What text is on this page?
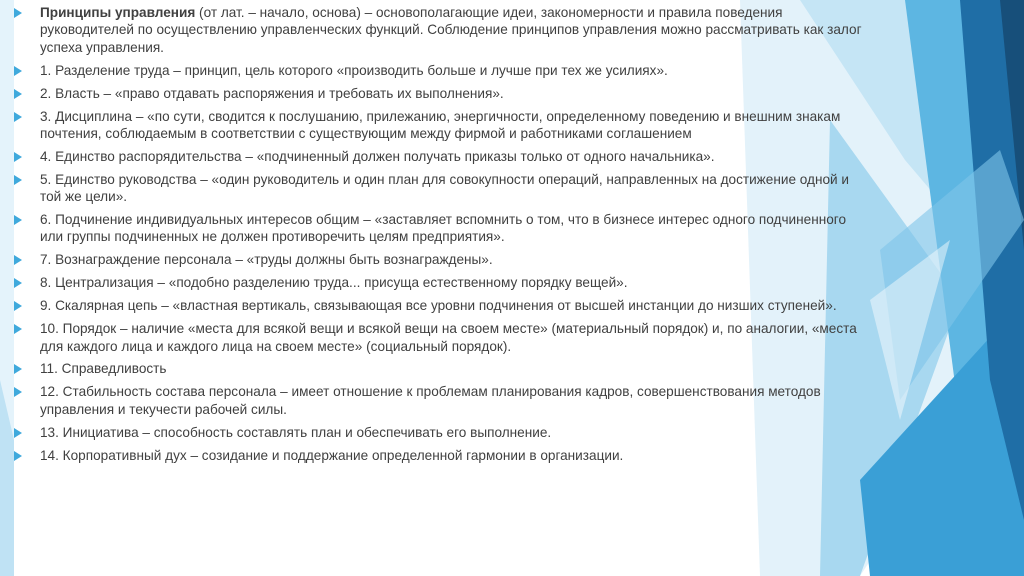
Принципы управления (от лат. – начало, основа) – основополагающие идеи, закономерности и правила поведения руководителей по осуществлению управленческих функций. Соблюдение принципов управления можно рассматривать как залог успеха управления.
1. Разделение труда – принцип, цель которого «производить больше и лучше при тех же усилиях».
2. Власть – «право отдавать распоряжения и требовать их выполнения».
3. Дисциплина – «по сути, сводится к послушанию, прилежанию, энергичности, определенному поведению и внешним знакам почтения, соблюдаемым в соответствии с существующим между фирмой и работниками соглашением
4. Единство распорядительства – «подчиненный должен получать приказы только от одного начальника».
5. Единство руководства – «один руководитель и один план для совокупности операций, направленных на достижение одной и той же цели».
6. Подчинение индивидуальных интересов общим – «заставляет вспомнить о том, что в бизнесе интерес одного подчиненного или группы подчиненных не должен противоречить целям предприятия».
7. Вознаграждение персонала – «труды должны быть вознаграждены».
8. Централизация – «подобно разделению труда... присуща естественному порядку вещей».
9. Скалярная цепь – «властная вертикаль, связывающая все уровни подчинения от высшей инстанции до низших ступеней».
10. Порядок – наличие «места для всякой вещи и всякой вещи на своем месте» (материальный порядок) и, по аналогии, «места для каждого лица и каждого лица на своем месте» (социальный порядок).
11. Справедливость
12. Стабильность состава персонала – имеет отношение к проблемам планирования кадров, совершенствования методов управления и текучести рабочей силы.
13. Инициатива – способность составлять план и обеспечивать его выполнение.
14. Корпоративный дух – созидание и поддержание определенной гармонии в организации.
